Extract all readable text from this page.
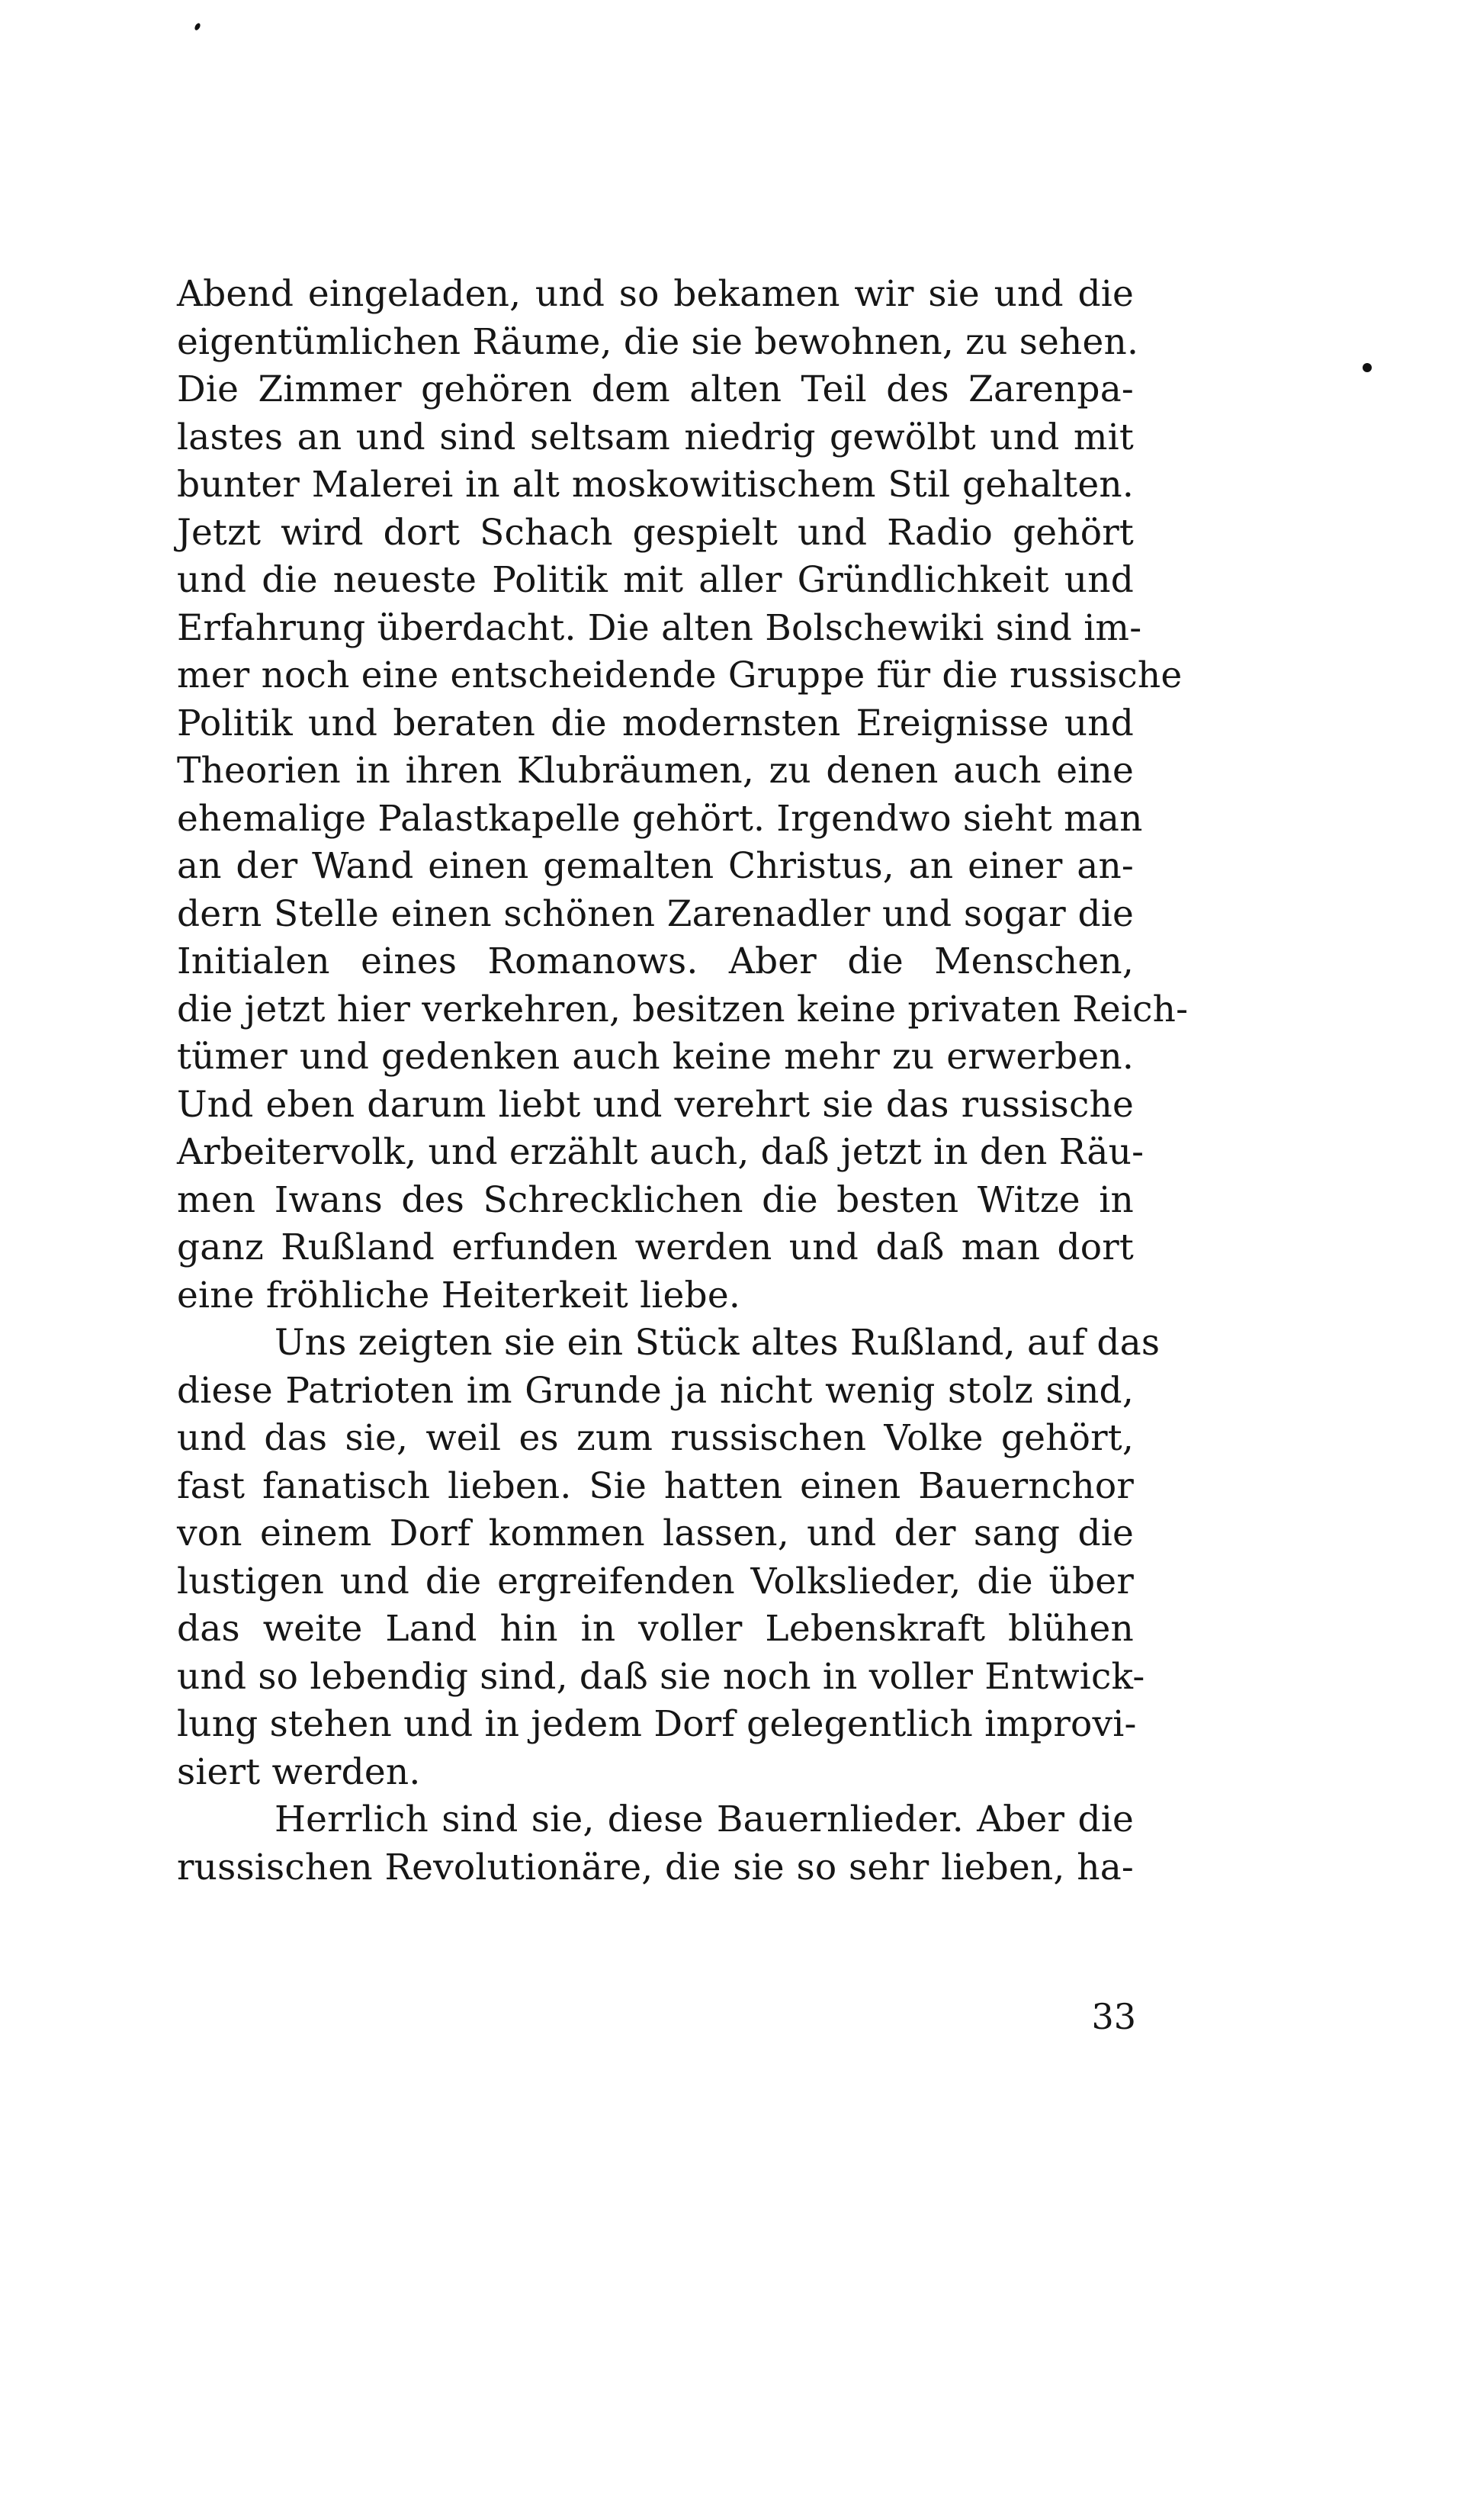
Abend eingeladen, und so bekamen wir sie und die
eigentümlichen Räume, die sie bewohnen, zu sehen.
Die Zimmer gehören dem alten Teil des Zarenpa-
lastes an und sind seltsam niedrig gewölbt und mit
bunter Malerei in alt moskowitischem Stil gehalten.
Jetzt wird dort Schach gespielt und Radio gehört
und die neueste Politik mit aller Gründlichkeit und
Erfahrung überdacht. Die alten Bolschewiki sind im-
mer noch eine entscheidende Gruppe für die russische
Politik und beraten die modernsten Ereignisse und
Theorien in ihren Klubräumen, zu denen auch eine
ehemalige Palastkapelle gehört. Irgendwo sieht man
an der Wand einen gemalten Christus, an einer an-
dern Stelle einen schönen Zarenadler und sogar die
Initialen eines Romanows. Aber die Menschen,
die jetzt hier verkehren, besitzen keine privaten Reich-
tümer und gedenken auch keine mehr zu erwerben.
Und eben darum liebt und verehrt sie das russische
Arbeitervolk, und erzählt auch, daß jetzt in den Räu-
men Iwans des Schrecklichen die besten Witze in
ganz Rußland erfunden werden und daß man dort
eine fröhliche Heiterkeit liebe.
Uns zeigten sie ein Stück altes Rußland, auf das
diese Patrioten im Grunde ja nicht wenig stolz sind,
und das sie, weil es zum russischen Volke gehört,
fast fanatisch lieben. Sie hatten einen Bauernchor
von einem Dorf kommen lassen, und der sang die
lustigen und die ergreifenden Volkslieder, die über
das weite Land hin in voller Lebenskraft blühen
und so lebendig sind, daß sie noch in voller Entwick-
lung stehen und in jedem Dorf gelegentlich improvi-
siert werden.
Herrlich sind sie, diese Bauernlieder. Aber die
russischen Revolutionäre, die sie so sehr lieben, ha-
33
